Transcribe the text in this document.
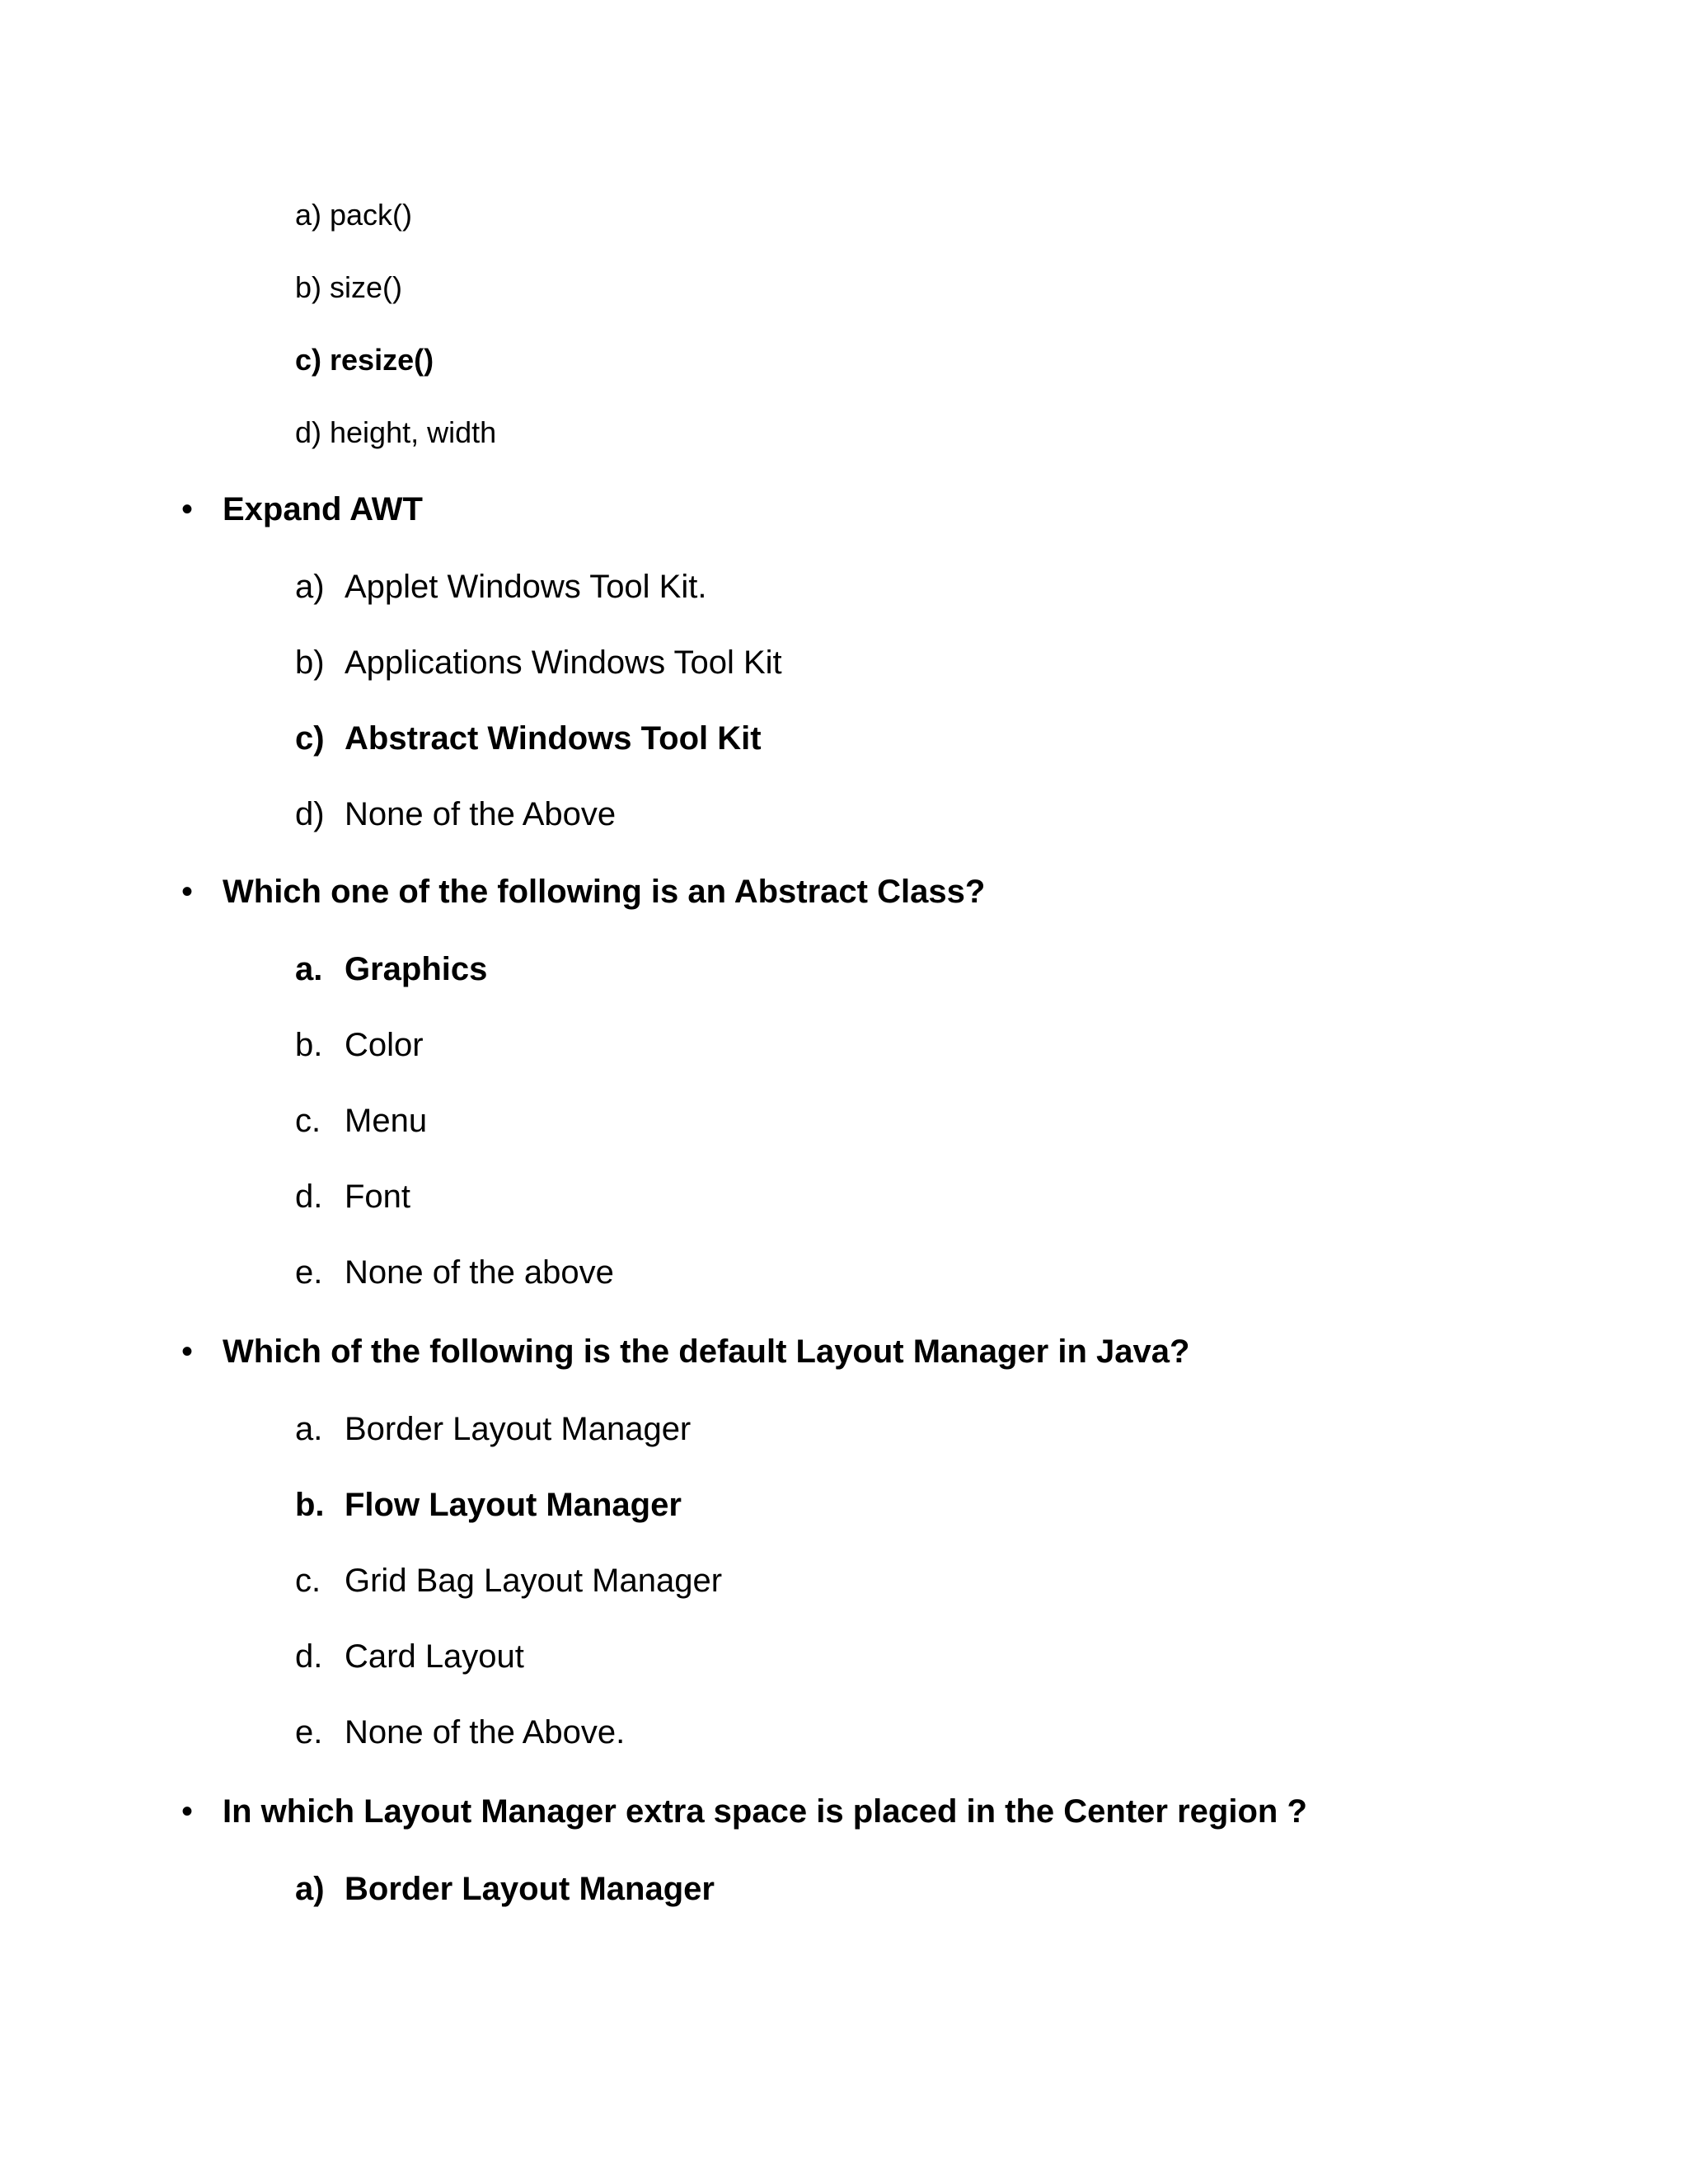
a) pack()
b) size()
c) resize()
d) height, width
• Expand AWT
a) Applet Windows Tool Kit.
b) Applications Windows Tool Kit
c) Abstract Windows Tool Kit
d) None of the Above
• Which one of the following is an Abstract Class?
a. Graphics
b. Color
c. Menu
d. Font
e. None of the above
• Which of the following is the default Layout Manager in Java?
a. Border Layout Manager
b. Flow Layout Manager
c. Grid Bag Layout Manager
d. Card Layout
e. None of the Above.
• In which Layout Manager extra space is placed in the Center region ?
a) Border Layout Manager
